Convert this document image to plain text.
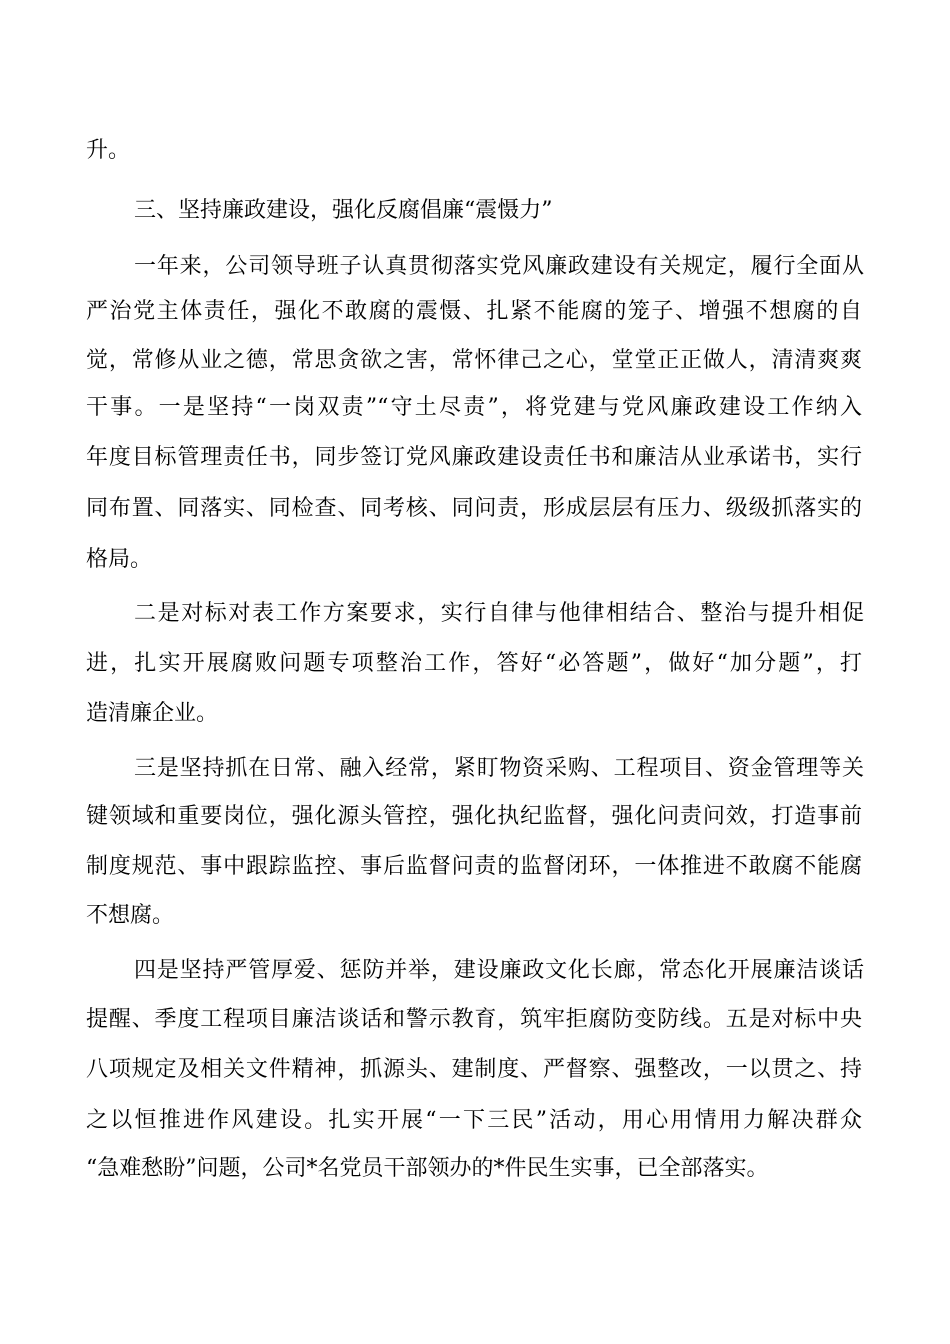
升。
三、坚持廉政建设，强化反腐倡廉“震慑力”
一年来，公司领导班子认真贯彻落实党风廉政建设有关规定，履行全面从
严治党主体责任，强化不敢腐的震慑、扎紧不能腐的笼子、增强不想腐的自
觉，常修从业之德，常思贪欲之害，常怀律己之心，堂堂正正做人，清清爽爽
干事。一是坚持“一岗双责”“守土尽责”，将党建与党风廉政建设工作纳入
年度目标管理责任书，同步签订党风廉政建设责任书和廉洁从业承诺书，实行
同布置、同落实、同检查、同考核、同问责，形成层层有压力、级级抓落实的
格局。
二是对标对表工作方案要求，实行自律与他律相结合、整治与提升相促
进，扎实开展腐败问题专项整治工作，答好“必答题”，做好“加分题”，打
造清廉企业。
三是坚持抓在日常、融入经常，紧盯物资采购、工程项目、资金管理等关
键领域和重要岗位，强化源头管控，强化执纪监督，强化问责问效，打造事前
制度规范、事中跟踪监控、事后监督问责的监督闭环，一体推进不敢腐不能腐
不想腐。
四是坚持严管厚爱、惩防并举，建设廉政文化长廊，常态化开展廉洁谈话
提醒、季度工程项目廉洁谈话和警示教育，筑牢拒腐防变防线。五是对标中央
八项规定及相关文件精神，抓源头、建制度、严督察、强整改，一以贯之、持
之以恒推进作风建设。扎实开展“一下三民”活动，用心用情用力解决群众
“急难愁盼”问题，公司*名党员干部领办的*件民生实事，已全部落实。
